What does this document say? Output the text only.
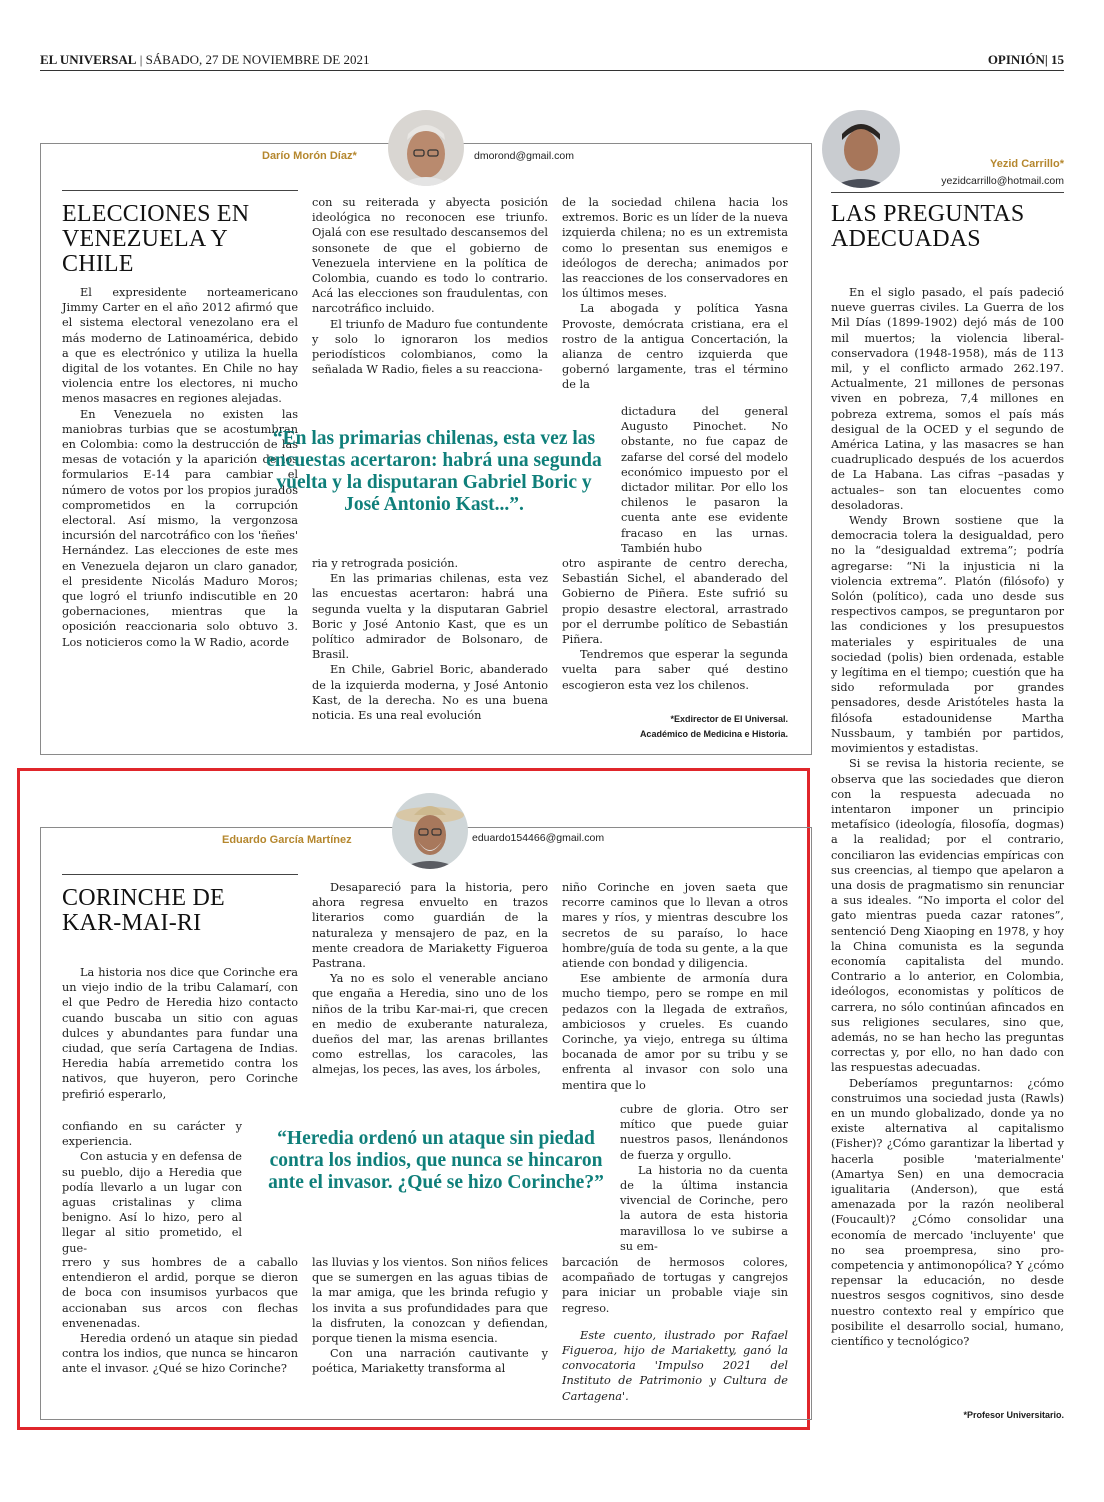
EL UNIVERSAL | SÁBADO, 27 DE NOVIEMBRE DE 2021	OPINIÓN| 15
Darío Morón Díaz*	dmorond@gmail.com
ELECCIONES EN
VENEZUELA Y CHILE

El expresidente norteamericano Jimmy Carter en el año 2012 afirmó que el sistema electoral venezolano era el más moderno de Latinoamérica, debido a que es electrónico y utiliza la huella digital de los votantes. En Chile no hay violencia entre los electores, ni mucho menos masacres en regiones alejadas.

En Venezuela no existen las maniobras turbias que se acostumbran en Colombia: como la destrucción de las mesas de votación y la aparición de los formularios E-14 para cambiar el número de votos por los propios jurados comprometidos en la corrupción electoral. Así mismo, la vergonzosa incursión del narcotráfico con los 'ñeñes' Hernández. Las elecciones de este mes en Venezuela dejaron un claro ganador, el presidente Nicolás Maduro Moros; que logró el triunfo indiscutible en 20 gobernaciones, mientras que la oposición reaccionaria solo obtuvo 3. Los noticieros como la W Radio, acorde

con su reiterada y abyecta posición ideológica no reconocen ese triunfo. Ojalá con ese resultado descansemos del sonsonete de que el gobierno de Venezuela interviene en la política de Colombia, cuando es todo lo contrario. Acá las elecciones son fraudulentas, con narcotráfico incluido.

El triunfo de Maduro fue contundente y solo lo ignoraron los medios periodísticos colombianos, como la señalada W Radio, fieles a su reacciona-

ria y retrograda posición.

En las primarias chilenas, esta vez las encuestas acertaron: habrá una segunda vuelta y la disputaran Gabriel Boric y José Antonio Kast, que es un político admirador de Bolsonaro, de Brasil.

En Chile, Gabriel Boric, abanderado de la izquierda moderna, y José Antonio Kast, de la derecha. No es una buena noticia. Es una real evolución

de la sociedad chilena hacia los extremos. Boric es un líder de la nueva izquierda chilena; no es un extremista como lo presentan sus enemigos e ideólogos de derecha; animados por las reacciones de los conservadores en los últimos meses.

La abogada y política Yasna Provoste, demócrata cristiana, era el rostro de la antigua Concertación, la alianza de centro izquierda que gobernó largamente, tras el término de la

dictadura del general Augusto Pinochet. No obstante, no fue capaz de zafarse del corsé del modelo económico impuesto por el dictador militar. Por ello los chilenos le pasaron la cuenta ante ese evidente fracaso en las urnas. También hubo

otro aspirante de centro derecha, Sebastián Sichel, el abanderado del Gobierno de Piñera. Este sufrió su propio desastre electoral, arrastrado por el derrumbe político de Sebastián Piñera.

Tendremos que esperar la segunda vuelta para saber qué destino escogieron esta vez los chilenos.

*Exdirector de El Universal.
Académico de Medicina e Historia.
“En las primarias chilenas, esta vez las encuestas acertaron: habrá una segunda vuelta y la disputaran Gabriel Boric y José Antonio Kast...”.
Eduardo García Martínez	eduardo154466@gmail.com
CORINCHE DE
KAR-MAI-RI

La historia nos dice que Corinche era un viejo indio de la tribu Calamarí, con el que Pedro de Heredia hizo contacto cuando buscaba un sitio con aguas dulces y abundantes para fundar una ciudad, que sería Cartagena de Indias. Heredia había arremetido contra los nativos, que huyeron, pero Corinche prefirió esperarlo,

confiando en su carácter y experiencia.

Con astucia y en defensa de su pueblo, dijo a Heredia que podía llevarlo a un lugar con aguas cristalinas y clima benigno. Así lo hizo, pero al llegar al sitio prometido, el gue-

rrero y sus hombres de a caballo entendieron el ardid, porque se dieron de boca con insumisos yurbacos que accionaban sus arcos con flechas envenenadas.

Heredia ordenó un ataque sin piedad contra los indios, que nunca se hincaron ante el invasor. ¿Qué se hizo Corinche?

Desapareció para la historia, pero ahora regresa envuelto en trazos literarios como guardián de la naturaleza y mensajero de paz, en la mente creadora de Mariaketty Figueroa Pastrana.

Ya no es solo el venerable anciano que engaña a Heredia, sino uno de los niños de la tribu Kar-mai-ri, que crecen en medio de exuberante naturaleza, dueños del mar, las arenas brillantes como estrellas, los caracoles, las almejas, los peces, las aves, los árboles,

las lluvias y los vientos. Son niños felices que se sumergen en las aguas tibias de la mar amiga, que les brinda refugio y los invita a sus profundidades para que la disfruten, la conozcan y defiendan, porque tienen la misma esencia.

Con una narración cautivante y poética, Mariaketty transforma al

niño Corinche en joven saeta que recorre caminos que lo llevan a otros mares y ríos, y mientras descubre los secretos de su paraíso, lo hace hombre/guía de toda su gente, a la que atiende con bondad y diligencia.

Ese ambiente de armonía dura mucho tiempo, pero se rompe en mil pedazos con la llegada de extraños, ambiciosos y crueles. Es cuando Corinche, ya viejo, entrega su última bocanada de amor por su tribu y se enfrenta al invasor con solo una mentira que lo

cubre de gloria. Otro ser mítico que puede guiar nuestros pasos, llenándonos de fuerza y orgullo.

La historia no da cuenta de la última instancia vivencial de Corinche, pero la autora de esta historia maravillosa lo ve subirse a su em-

barcación de hermosos colores, acompañado de tortugas y cangrejos para iniciar un probable viaje sin regreso.

Este cuento, ilustrado por Rafael Figueroa, hijo de Mariaketty, ganó la convocatoria 'Impulso 2021 del Instituto de Patrimonio y Cultura de Cartagena'.

“Heredia ordenó un ataque sin piedad contra los indios, que nunca se hincaron ante el invasor. ¿Qué se hizo Corinche?”
Yezid Carrillo*
yezidcarrillo@hotmail.com
LAS PREGUNTAS
ADECUADAS

En el siglo pasado, el país padeció nueve guerras civiles. La Guerra de los Mil Días (1899-1902) dejó más de 100 mil muertos; la violencia liberal-conservadora (1948-1958), más de 113 mil, y el conflicto armado 262.197. Actualmente, 21 millones de personas viven en pobreza, 7,4 millones en pobreza extrema, somos el país más desigual de la OCED y el segundo de América Latina, y las masacres se han cuadruplicado después de los acuerdos de La Habana. Las cifras –pasadas y actuales– son tan elocuentes como desoladoras.

Wendy Brown sostiene que la democracia tolera la desigualdad, pero no la “desigualdad extrema”; podría agregarse: “Ni la injusticia ni la violencia extrema”. Platón (filósofo) y Solón (político), cada uno desde sus respectivos campos, se preguntaron por las condiciones y los presupuestos materiales y espirituales de una sociedad (polis) bien ordenada, estable y legítima en el tiempo; cuestión que ha sido reformulada por grandes pensadores, desde Aristóteles hasta la filósofa estadounidense Martha Nussbaum, y también por partidos, movimientos y estadistas.

Si se revisa la historia reciente, se observa que las sociedades que dieron con la respuesta adecuada no intentaron imponer un principio metafísico (ideología, filosofía, dogmas) a la realidad; por el contrario, conciliaron las evidencias empíricas con sus creencias, al tiempo que apelaron a una dosis de pragmatismo sin renunciar a sus ideales. “No importa el color del gato mientras pueda cazar ratones”, sentenció Deng Xiaoping en 1978, y hoy la China comunista es la segunda economía capitalista del mundo. Contrario a lo anterior, en Colombia, ideólogos, economistas y políticos de carrera, no sólo continúan afincados en sus religiones seculares, sino que, además, no se han hecho las preguntas correctas y, por ello, no han dado con las respuestas adecuadas.

Deberíamos preguntarnos: ¿cómo construimos una sociedad justa (Rawls) en un mundo globalizado, donde ya no existe alternativa al capitalismo (Fisher)? ¿Cómo garantizar la libertad y hacerla posible 'materialmente' (Amartya Sen) en una democracia igualitaria (Anderson), que está amenazada por la razón neoliberal (Foucault)? ¿Cómo consolidar una economía de mercado 'incluyente' que no sea proempresa, sino pro-competencia y antimonopólica? Y ¿cómo repensar la educación, no desde nuestros sesgos cognitivos, sino desde nuestro contexto real y empírico que posibilite el desarrollo social, humano, científico y tecnológico?

*Profesor Universitario.
